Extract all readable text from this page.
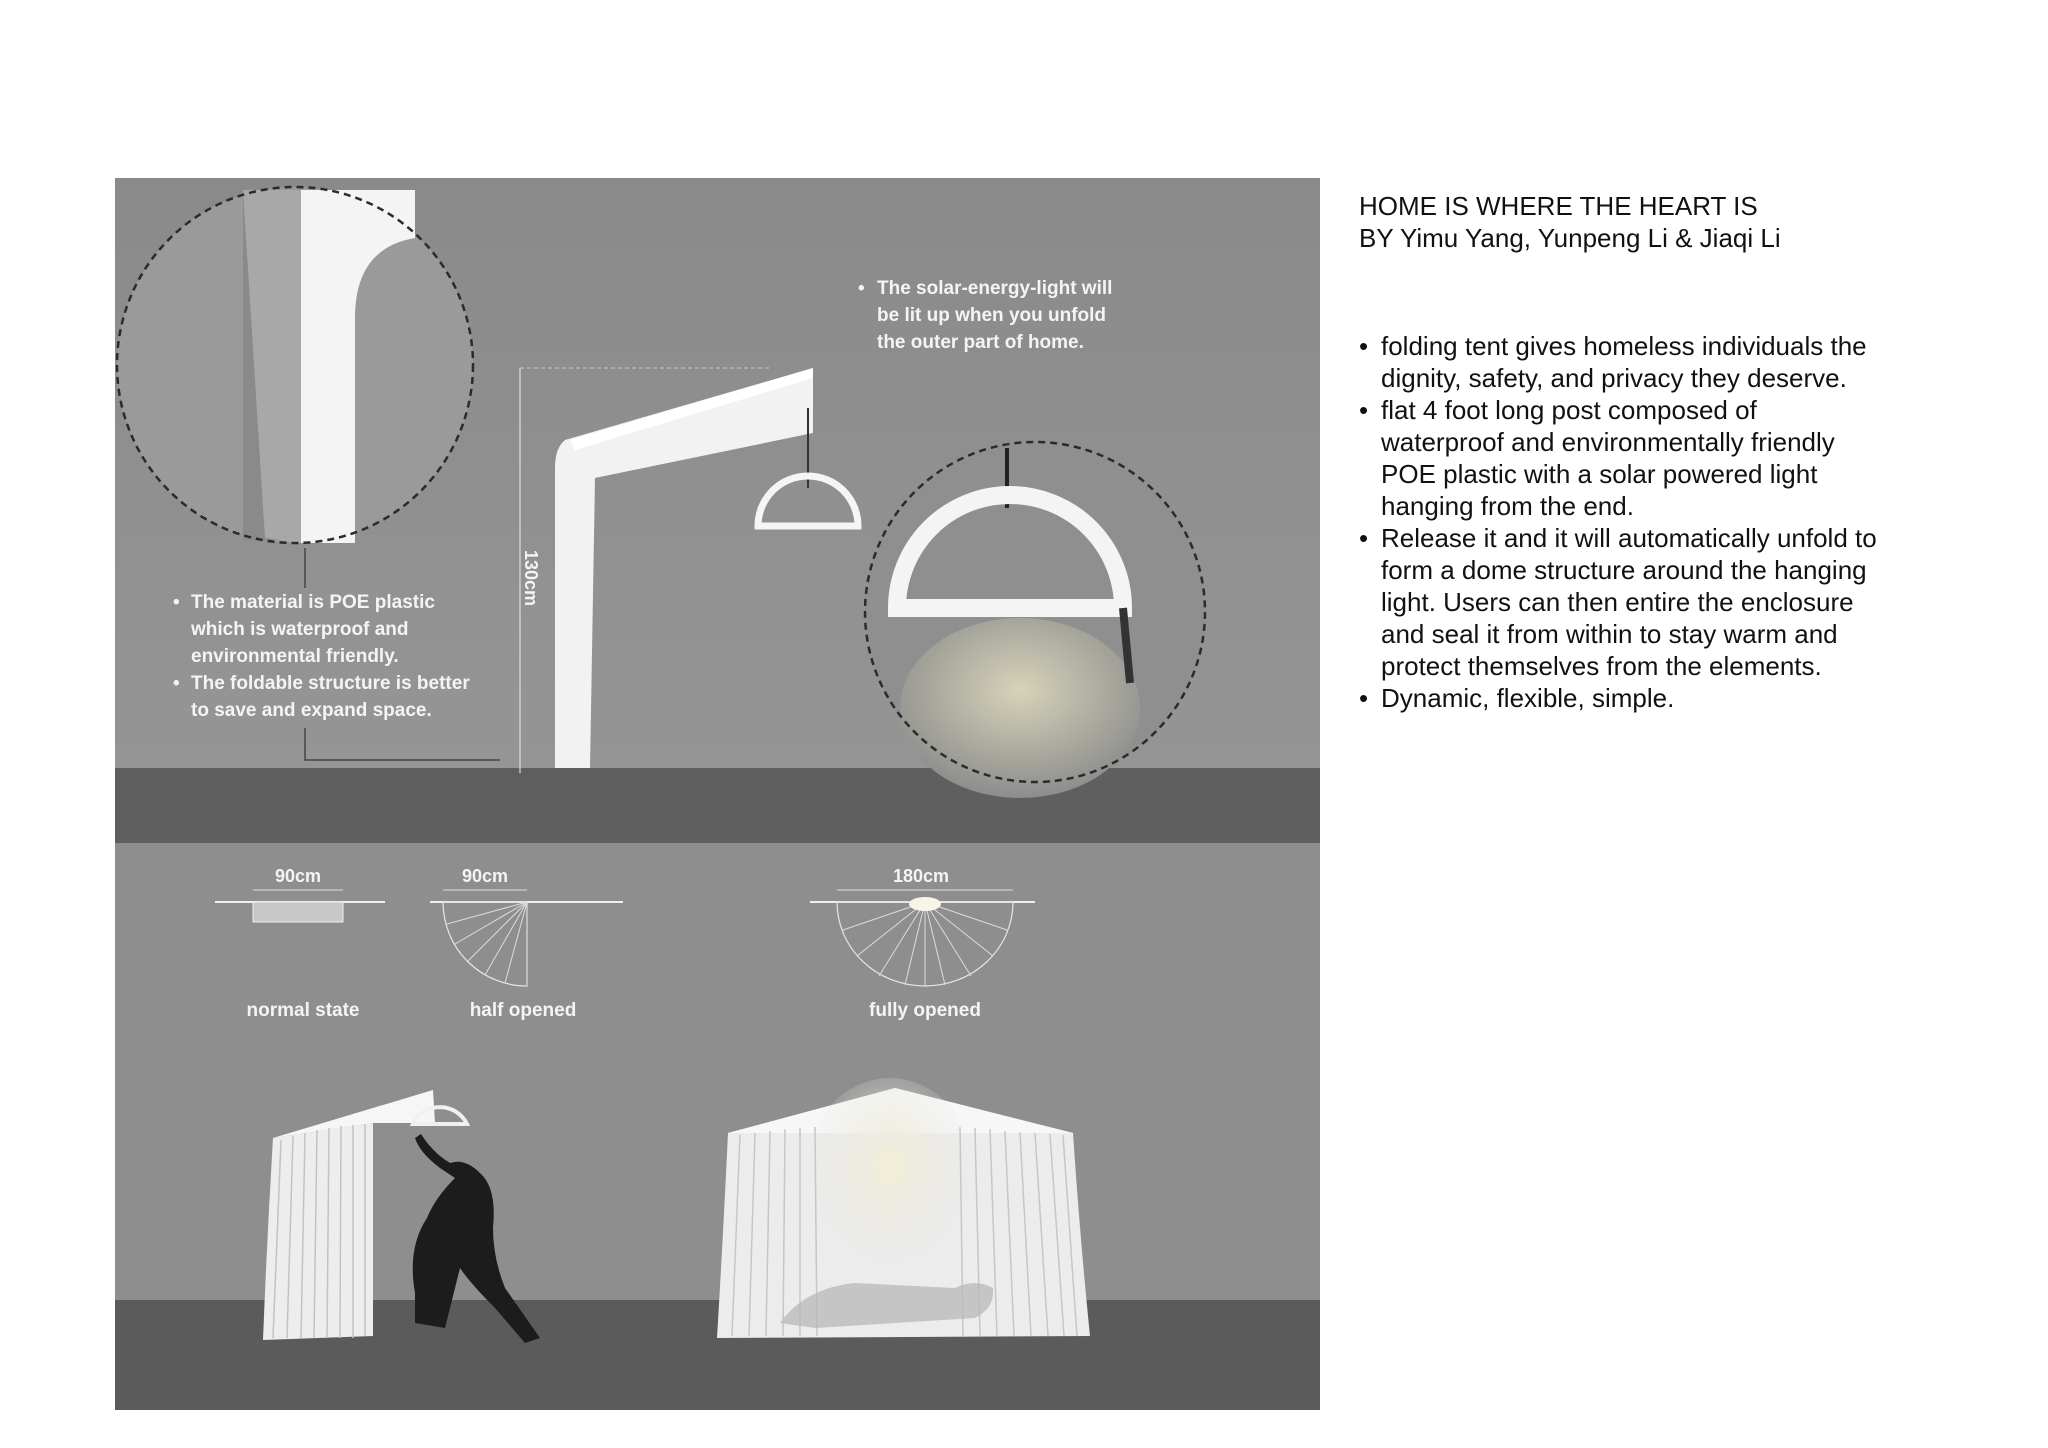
HOME IS WHERE THE HEART IS
BY Yimu Yang, Yunpeng Li & Jiaqi Li
• folding tent gives homeless individuals the dignity, safety, and privacy they deserve.
• flat 4 foot long post composed of waterproof and environmentally friendly POE plastic with a solar powered light hanging from the end.
• Release it and it will automatically unfold to form a dome structure around the hanging light. Users can then entire the enclosure and seal it from within to stay warm and protect themselves from the elements.
• Dynamic, flexible, simple.
• The material is POE plastic
which is waterproof and
environmental friendly.
• The foldable structure is better
to save and expand space.
130cm
• The solar-energy-light will
be lit up when you unfold
the outer part of home.
90cm
normal state
90cm
half opened
180cm
fully opened
